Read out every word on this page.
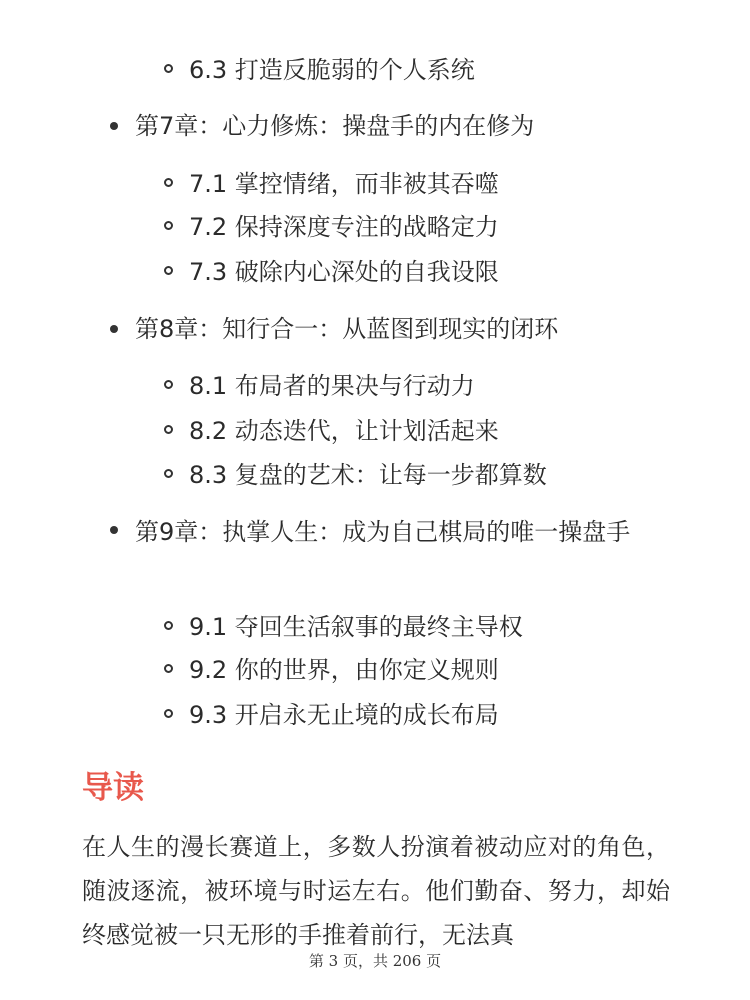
6.3 打造反脆弱的个人系统
第7章：心力修炼：操盘手的内在修为
7.1 掌控情绪，而非被其吞噬
7.2 保持深度专注的战略定力
7.3 破除内心深处的自我设限
第8章：知行合一：从蓝图到现实的闭环
8.1 布局者的果决与行动力
8.2 动态迭代，让计划活起来
8.3 复盘的艺术：让每一步都算数
第9章：执掌人生：成为自己棋局的唯一操盘手
9.1 夺回生活叙事的最终主导权
9.2 你的世界，由你定义规则
9.3 开启永无止境的成长布局
导读
在人生的漫长赛道上，多数人扮演着被动应对的角色，随波逐流，被环境与时运左右。他们勤奋、努力，却始终感觉被一只无形的手推着前行，无法真
第 3 页，共 206 页
